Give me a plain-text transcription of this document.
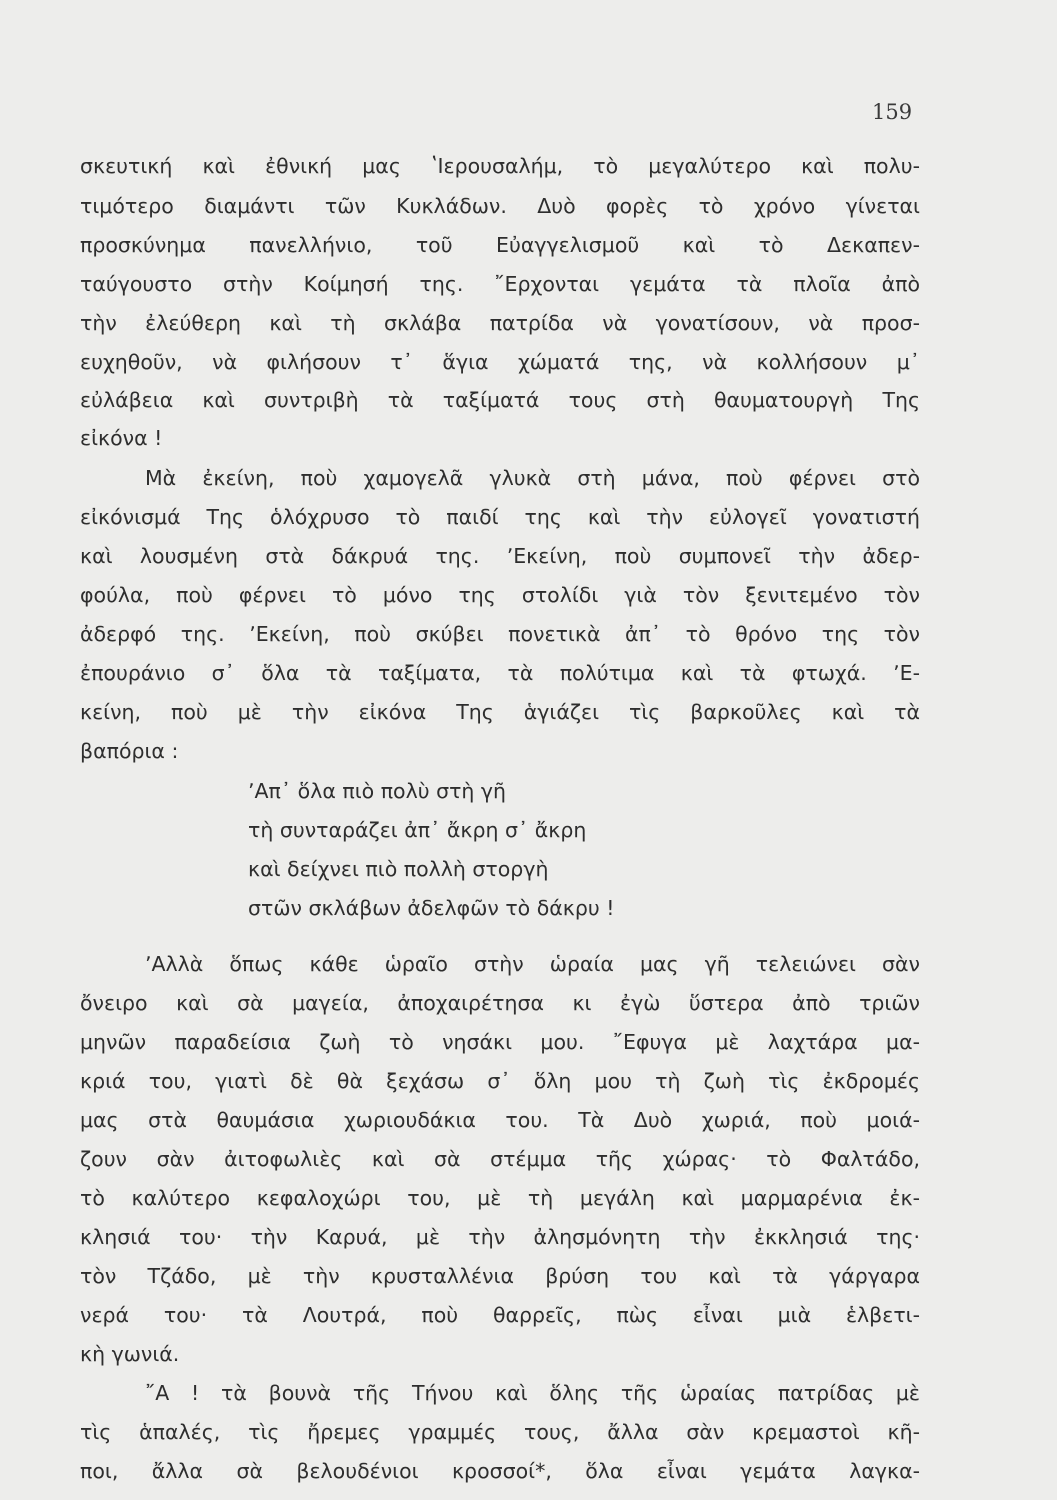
159
σκευτική καὶ ἐθνική μας ʽΙερουσαλήμ, τὸ μεγαλύτερο καὶ πολυ-
τιμότερο διαμάντι τῶν Κυκλάδων. Δυὸ φορὲς τὸ χρόνο γίνεται
προσκύνημα πανελλήνιο, τοῦ Εὐαγγελισμοῦ καὶ τὸ Δεκαπεν-
ταύγουστο στὴν Κοίμησή της. ῎Ερχονται γεμάτα τὰ πλοῖα ἀπὸ
τὴν ἐλεύθερη καὶ τὴ σκλάβα πατρίδα νὰ γονατίσουν, νὰ προσ-
ευχηθοῦν, νὰ φιλήσουν τ᾽ ἅγια χώματά της, νὰ κολλήσουν μ᾽
εὐλάβεια καὶ συντριβὴ τὰ ταξίματά τους στὴ θαυματουργὴ Της
εἰκόνα !
Μὰ ἐκείνη, ποὺ χαμογελᾶ γλυκὰ στὴ μάνα, ποὺ φέρνει στὸ
εἰκόνισμά Της ὁλόχρυσο τὸ παιδί της καὶ τὴν εὐλογεῖ γονατιστή
καὶ λουσμένη στὰ δάκρυά της. ʼΕκείνη, ποὺ συμπονεῖ τὴν ἀδερ-
φούλα, ποὺ φέρνει τὸ μόνο της στολίδι γιὰ τὸν ξενιτεμένο τὸν
ἀδερφό της. ʼΕκείνη, ποὺ σκύβει πονετικὰ ἀπ᾽ τὸ θρόνο της τὸν
ἐπουράνιο σ᾽ ὅλα τὰ ταξίματα, τὰ πολύτιμα καὶ τὰ φτωχά. ʼΕ-
κείνη, ποὺ μὲ τὴν εἰκόνα Της ἁγιάζει τὶς βαρκοῦλες καὶ τὰ
βαπόρια :
ʼΑπ᾽ ὅλα πιὸ πολὺ στὴ γῆ
τὴ συνταράζει ἀπ᾽ ἄκρη σ᾽ ἄκρη
καὶ δείχνει πιὸ πολλὴ στοργὴ
στῶν σκλάβων ἀδελφῶν τὸ δάκρυ !
ʼΑλλὰ ὅπως κάθε ὡραῖο στὴν ὡραία μας γῆ τελειώνει σὰν
ὄνειρο καὶ σὰ μαγεία, ἀποχαιρέτησα κι ἐγὼ ὕστερα ἀπὸ τριῶν
μηνῶν παραδείσια ζωὴ τὸ νησάκι μου. ῎Εφυγα μὲ λαχτάρα μα-
κριά του, γιατὶ δὲ θὰ ξεχάσω σ᾽ ὅλη μου τὴ ζωὴ τὶς ἐκδρομές
μας στὰ θαυμάσια χωριουδάκια του. Τὰ Δυὸ χωριά, ποὺ μοιά-
ζουν σὰν ἀιτοφωλιὲς καὶ σὰ στέμμα τῆς χώρας· τὸ Φαλτάδο,
τὸ καλύτερο κεφαλοχώρι του, μὲ τὴ μεγάλη καὶ μαρμαρένια ἐκ-
κλησιά του· τὴν Καρυά, μὲ τὴν ἀλησμόνητη τὴν ἐκκλησιά της·
τὸν Τζάδο, μὲ τὴν κρυσταλλένια βρύση του καὶ τὰ γάργαρα
νερά του· τὰ Λουτρά, ποὺ θαρρεῖς, πὼς εἶναι μιὰ ἑλβετι-
κὴ γωνιά.
῎Α ! τὰ βουνὰ τῆς Τήνου καὶ ὅλης τῆς ὡραίας πατρίδας μὲ
τὶς ἁπαλές, τὶς ἤρεμες γραμμές τους, ἄλλα σὰν κρεμαστοὶ κῆ-
ποι, ἄλλα σὰ βελουδένιοι κροσσοί*, ὅλα εἶναι γεμάτα λαγκα-
